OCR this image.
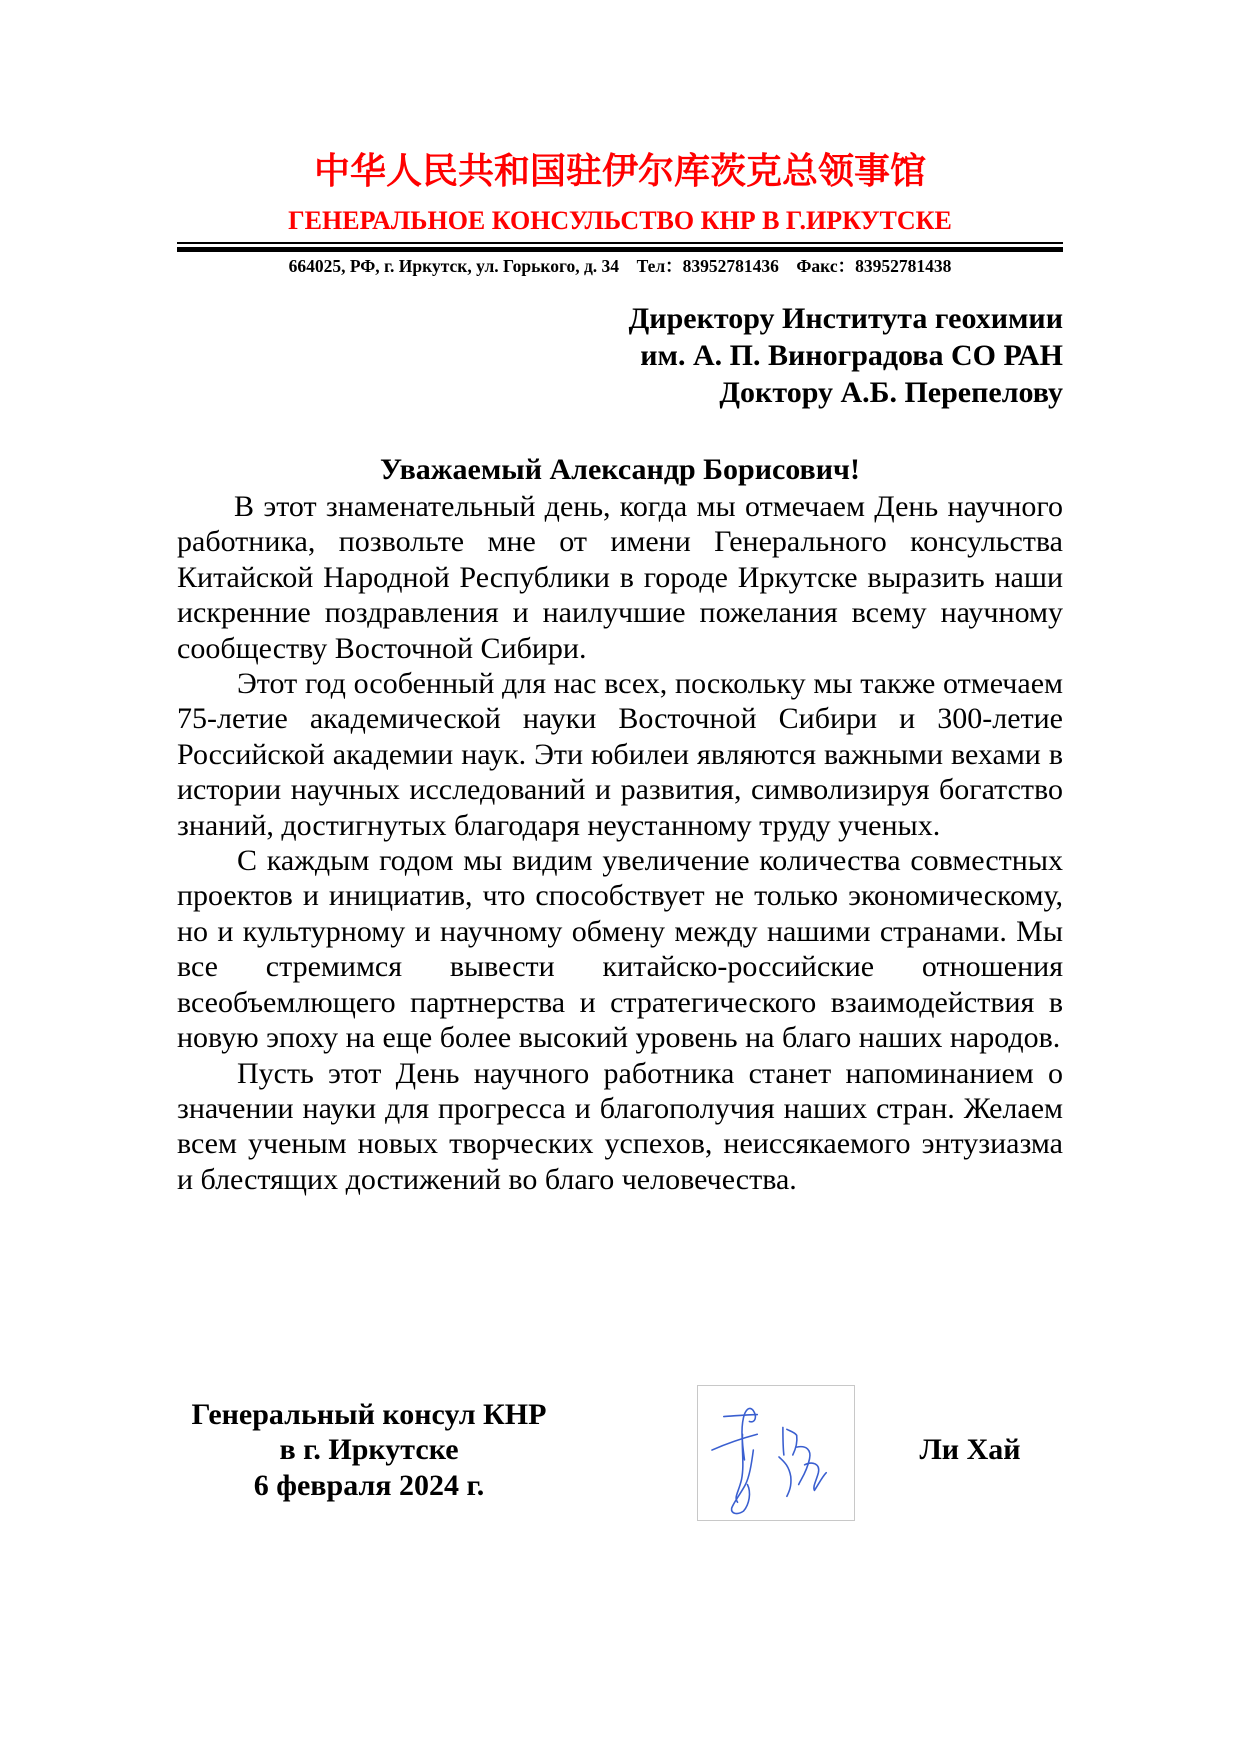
中华人民共和国驻伊尔库茨克总领事馆
ГЕНЕРАЛЬНОЕ КОНСУЛЬСТВО КНР В Г.ИРКУТСКЕ
664025, РФ, г. Иркутск, ул. Горького, д. 34 Тел：83952781436 Факс：83952781438
Директору Института геохимии
им. А. П. Виноградова СО РАН
Доктору А.Б. Перепелову
Уважаемый Александр Борисович!

В этот знаменательный день, когда мы отмечаем День научного работника, позвольте мне от имени Генерального консульства Китайской Народной Республики в городе Иркутске выразить наши искренние поздравления и наилучшие пожелания всему научному сообществу Восточной Сибири.

Этот год особенный для нас всех, поскольку мы также отмечаем 75-летие академической науки Восточной Сибири и 300-летие Российской академии наук. Эти юбилеи являются важными вехами в истории научных исследований и развития, символизируя богатство знаний, достигнутых благодаря неустанному труду ученых.

С каждым годом мы видим увеличение количества совместных проектов и инициатив, что способствует не только экономическому, но и культурному и научному обмену между нашими странами. Мы все стремимся вывести китайско-российские отношения всеобъемлющего партнерства и стратегического взаимодействия в новую эпоху на еще более высокий уровень на благо наших народов.

Пусть этот День научного работника станет напоминанием о значении науки для прогресса и благополучия наших стран. Желаем всем ученым новых творческих успехов, неиссякаемого энтузиазма и блестящих достижений во благо человечества.

Генеральный консул КНР
в г. Иркутске
6 февраля 2024 г.
Ли Хай
